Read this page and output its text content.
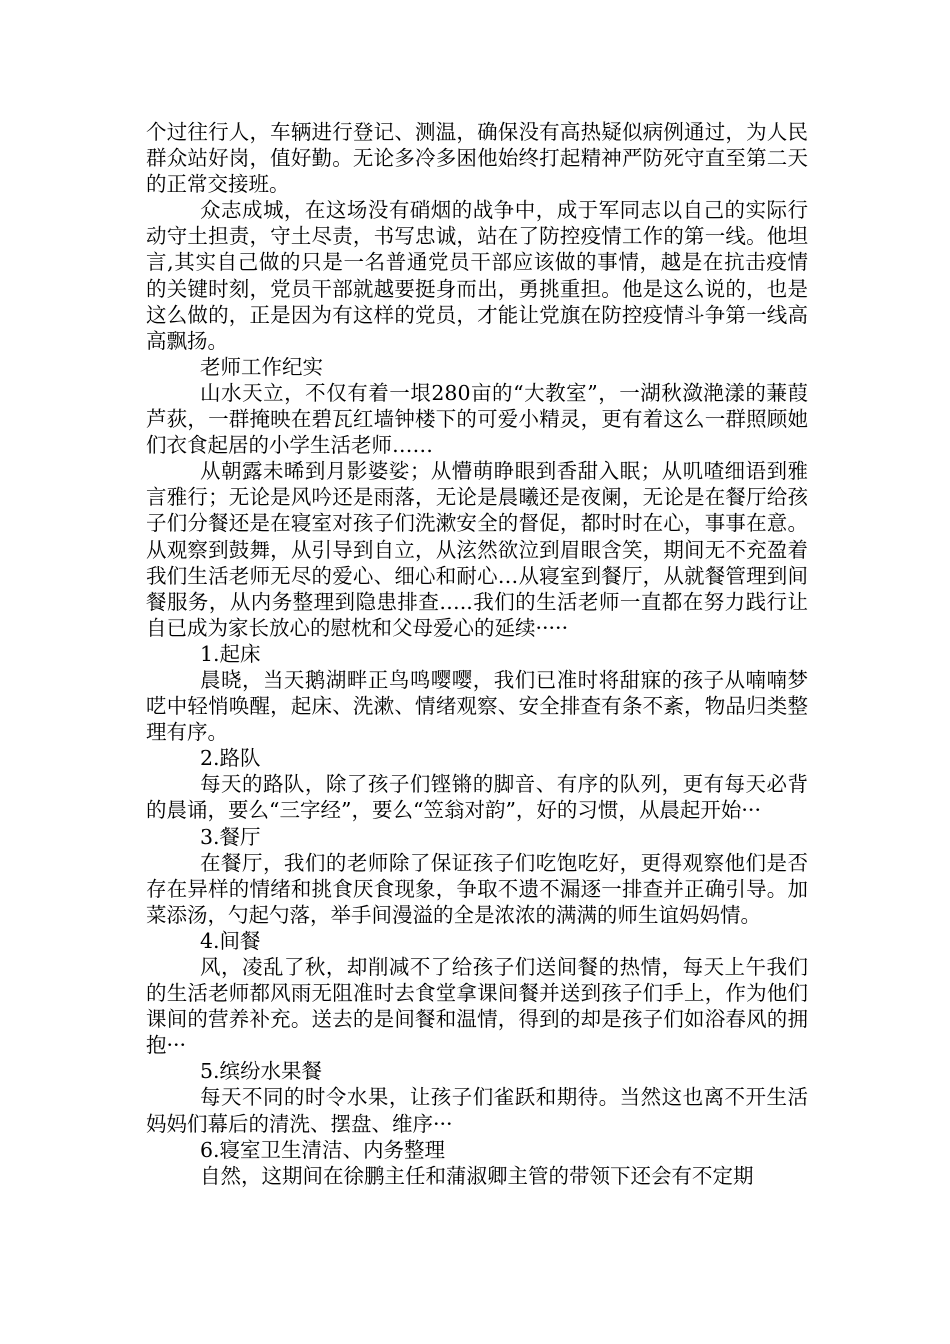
个过往行人，车辆进行登记、测温，确保没有高热疑似病例通过，为人民群众站好岗，值好勤。无论多冷多困他始终打起精神严防死守直至第二天的正常交接班。

众志成城，在这场没有硝烟的战争中，成于军同志以自己的实际行动守土担责，守土尽责，书写忠诚，站在了防控疫情工作的第一线。他坦言,其实自己做的只是一名普通党员干部应该做的事情，越是在抗击疫情的关键时刻，党员干部就越要挺身而出，勇挑重担。他是这么说的，也是这么做的，正是因为有这样的党员，才能让党旗在防控疫情斗争第一线高高飘扬。

老师工作纪实

山水天立，不仅有着一垠280亩的“大教室”，一湖秋潋滟漾的蒹葭芦荻，一群掩映在碧瓦红墙钟楼下的可爱小精灵，更有着这么一群照顾她们衣食起居的小学生活老师……

从朝露未晞到月影婆娑；从懵萌睁眼到香甜入眠；从叽喳细语到雅言雅行；无论是风吟还是雨落，无论是晨曦还是夜阑，无论是在餐厅给孩子们分餐还是在寝室对孩子们洗漱安全的督促，都时时在心，事事在意。从观察到鼓舞，从引导到自立，从泫然欲泣到眉眼含笑，期间无不充盈着我们生活老师无尽的爱心、细心和耐心…从寝室到餐厅，从就餐管理到间餐服务，从内务整理到隐患排查…..我们的生活老师一直都在努力践行让自已成为家长放心的慰枕和父母爱心的延续·····

1.起床

晨晓，当天鹅湖畔正鸟鸣嘤嘤，我们已准时将甜寐的孩子从喃喃梦呓中轻悄唤醒，起床、洗漱、情绪观察、安全排查有条不紊，物品归类整理有序。

2.路队

每天的路队，除了孩子们铿锵的脚音、有序的队列，更有每天必背的晨诵，要么“三字经”，要么“笠翁对韵”，好的习惯，从晨起开始···

3.餐厅

在餐厅，我们的老师除了保证孩子们吃饱吃好，更得观察他们是否存在异样的情绪和挑食厌食现象，争取不遗不漏逐一排查并正确引导。加菜添汤，勺起勺落，举手间漫溢的全是浓浓的满满的师生谊妈妈情。

4.间餐

风，凌乱了秋，却削减不了给孩子们送间餐的热情，每天上午我们的生活老师都风雨无阻准时去食堂拿课间餐并送到孩子们手上，作为他们课间的营养补充。送去的是间餐和温情，得到的却是孩子们如浴春风的拥抱···

5.缤纷水果餐

每天不同的时令水果，让孩子们雀跃和期待。当然这也离不开生活妈妈们幕后的清洗、摆盘、维序···

6.寝室卫生清洁、内务整理

自然，这期间在徐鹏主任和蒲淑卿主管的带领下还会有不定期
